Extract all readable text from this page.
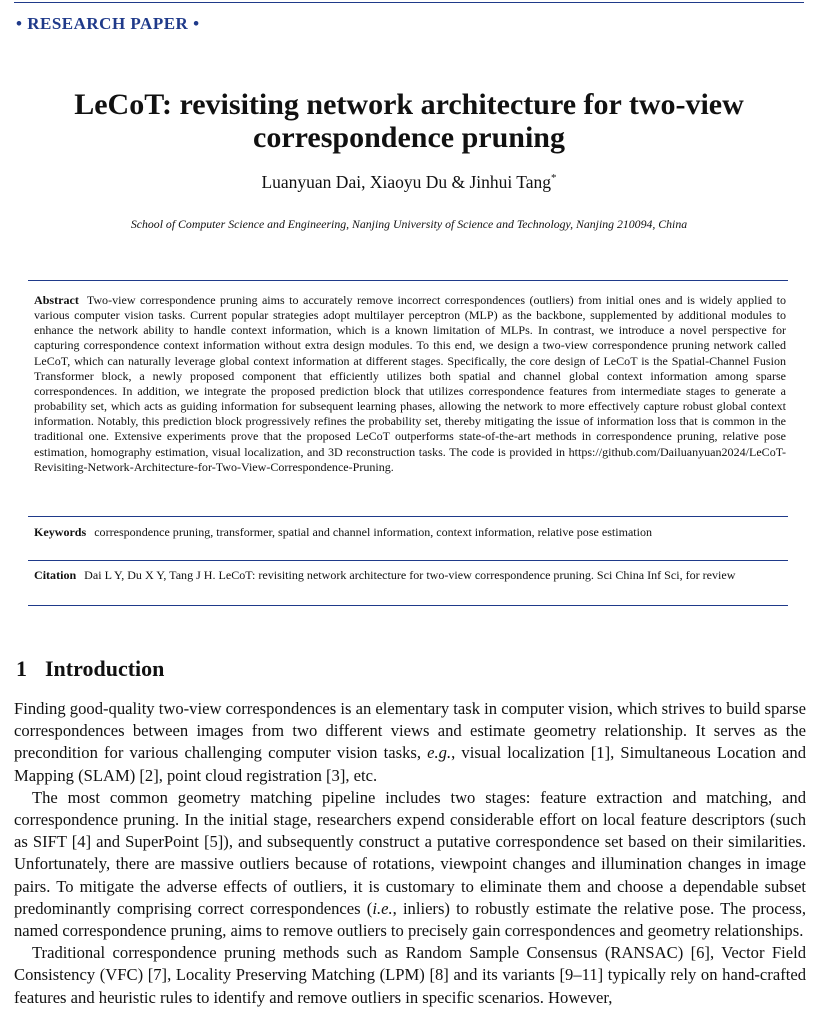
• RESEARCH PAPER •
LeCoT: revisiting network architecture for two-view
correspondence pruning
Luanyuan Dai, Xiaoyu Du & Jinhui Tang*
School of Computer Science and Engineering, Nanjing University of Science and Technology, Nanjing 210094, China
Abstract Two-view correspondence pruning aims to accurately remove incorrect correspondences (outliers) from initial ones and is widely applied to various computer vision tasks. Current popular strategies adopt multilayer perceptron (MLP) as the backbone, supplemented by additional modules to enhance the network ability to handle context information, which is a known limitation of MLPs. In contrast, we introduce a novel perspective for capturing correspondence context information without extra design modules. To this end, we design a two-view correspondence pruning network called LeCoT, which can naturally leverage global context information at different stages. Specifically, the core design of LeCoT is the Spatial-Channel Fusion Transformer block, a newly proposed component that efficiently utilizes both spatial and channel global context information among sparse correspondences. In addition, we integrate the proposed prediction block that utilizes correspondence features from intermediate stages to generate a probability set, which acts as guiding information for subsequent learning phases, allowing the network to more effectively capture robust global context information. Notably, this prediction block progressively refines the probability set, thereby mitigating the issue of information loss that is common in the traditional one. Extensive experiments prove that the proposed LeCoT outperforms state-of-the-art methods in correspondence pruning, relative pose estimation, homography estimation, visual localization, and 3D reconstruction tasks. The code is provided in https://github.com/Dailuanyuan2024/LeCoT-Revisiting-Network-Architecture-for-Two-View-Correspondence-Pruning.
Keywords correspondence pruning, transformer, spatial and channel information, context information, relative pose estimation
Citation Dai L Y, Du X Y, Tang J H. LeCoT: revisiting network architecture for two-view correspondence pruning. Sci China Inf Sci, for review
1 Introduction

Finding good-quality two-view correspondences is an elementary task in computer vision, which strives to build sparse correspondences between images from two different views and estimate geometry relationship. It serves as the precondition for various challenging computer vision tasks, e.g., visual localization [1], Simultaneous Location and Mapping (SLAM) [2], point cloud registration [3], etc.

The most common geometry matching pipeline includes two stages: feature extraction and matching, and correspondence pruning. In the initial stage, researchers expend considerable effort on local feature descriptors (such as SIFT [4] and SuperPoint [5]), and subsequently construct a putative correspondence set based on their similarities. Unfortunately, there are massive outliers because of rotations, viewpoint changes and illumination changes in image pairs. To mitigate the adverse effects of outliers, it is customary to eliminate them and choose a dependable subset predominantly comprising correct correspondences (i.e., inliers) to robustly estimate the relative pose. The process, named correspondence pruning, aims to remove outliers to precisely gain correspondences and geometry relationships.

Traditional correspondence pruning methods such as Random Sample Consensus (RANSAC) [6], Vector Field Consistency (VFC) [7], Locality Preserving Matching (LPM) [8] and its variants [9–11] typically rely on hand-crafted features and heuristic rules to identify and remove outliers in specific scenarios. However,
